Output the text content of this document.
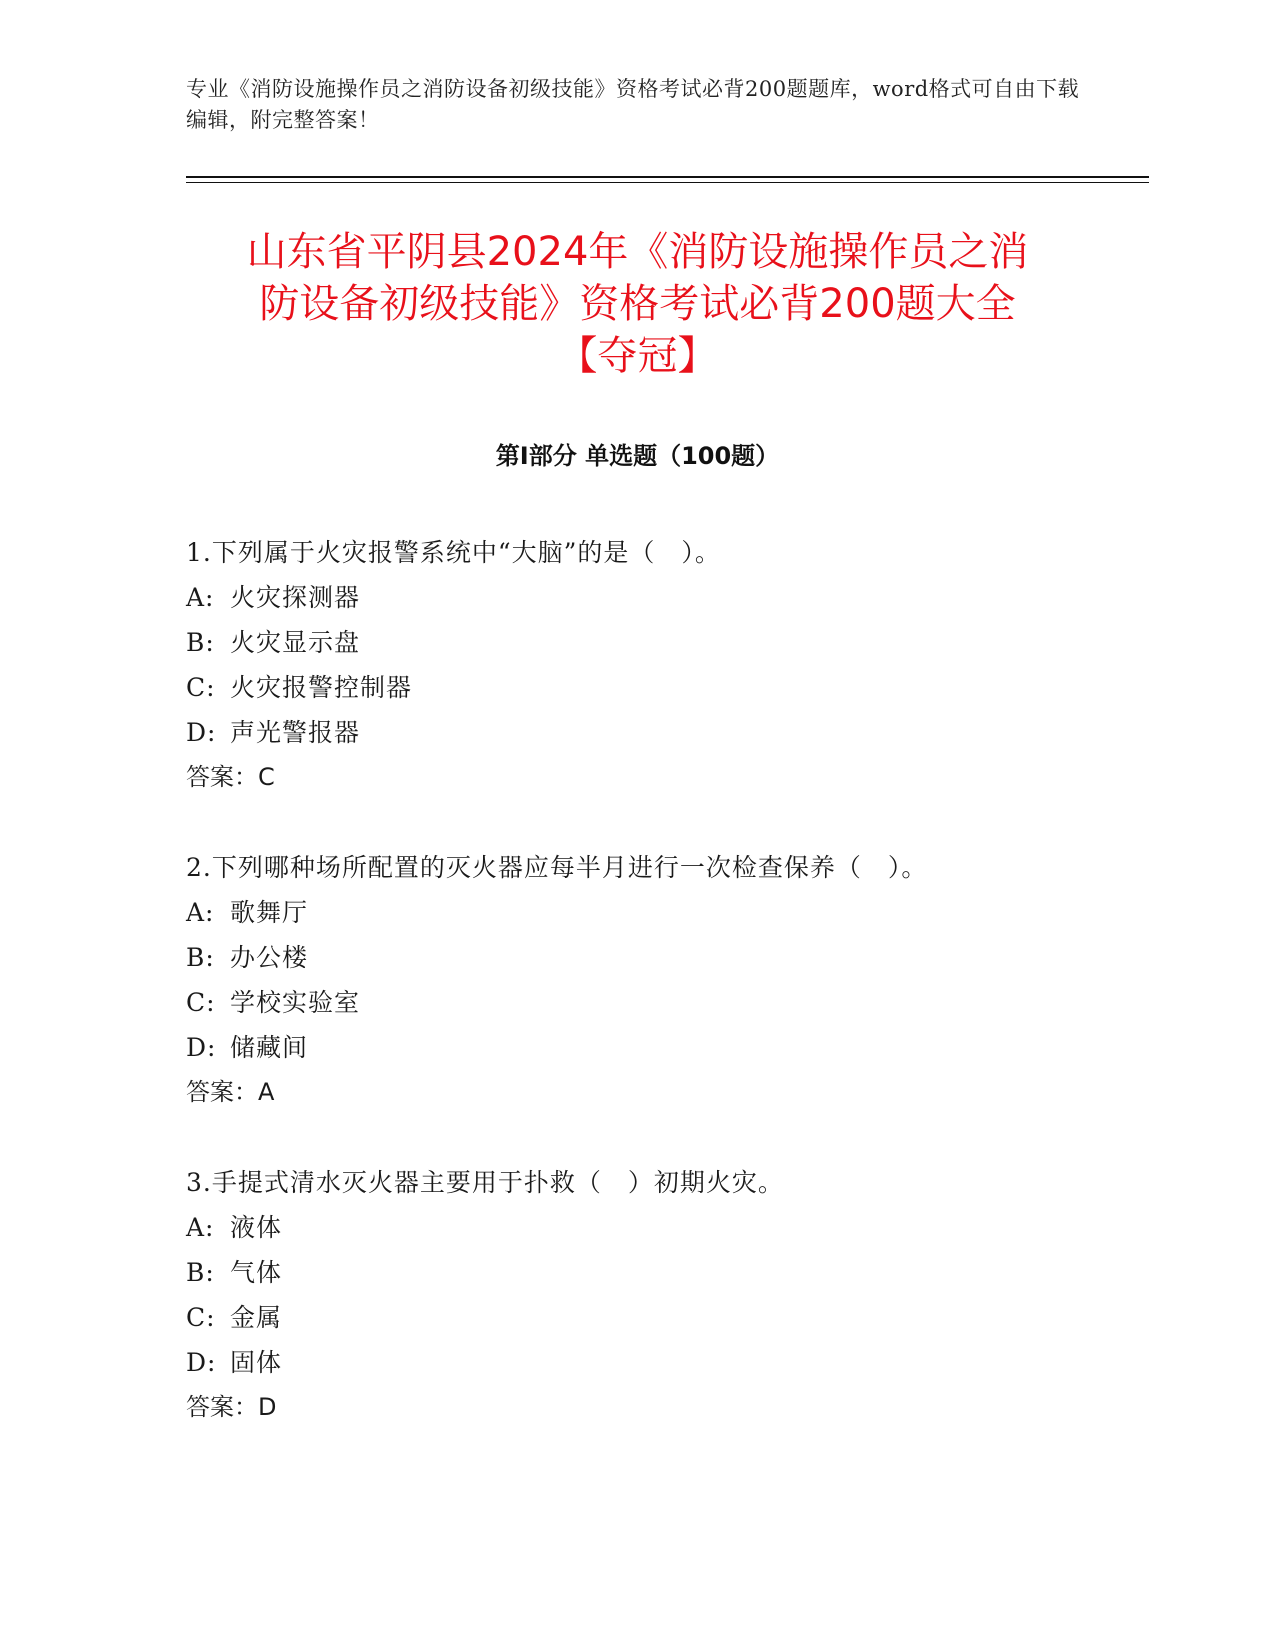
专业《消防设施操作员之消防设备初级技能》资格考试必背200题题库，word格式可自由下载编辑，附完整答案！
山东省平阴县2024年《消防设施操作员之消
防设备初级技能》资格考试必背200题大全
【夺冠】
第Ⅰ部分 单选题（100题）
1.下列属于火灾报警系统中“大脑”的是（　）。
A: 火灾探测器
B: 火灾显示盘
C: 火灾报警控制器
D: 声光警报器
答案：C
2.下列哪种场所配置的灭火器应每半月进行一次检查保养（　）。
A: 歌舞厅
B: 办公楼
C: 学校实验室
D: 储藏间
答案：A
3.手提式清水灭火器主要用于扑救（　）初期火灾。
A: 液体
B: 气体
C: 金属
D: 固体
答案：D
